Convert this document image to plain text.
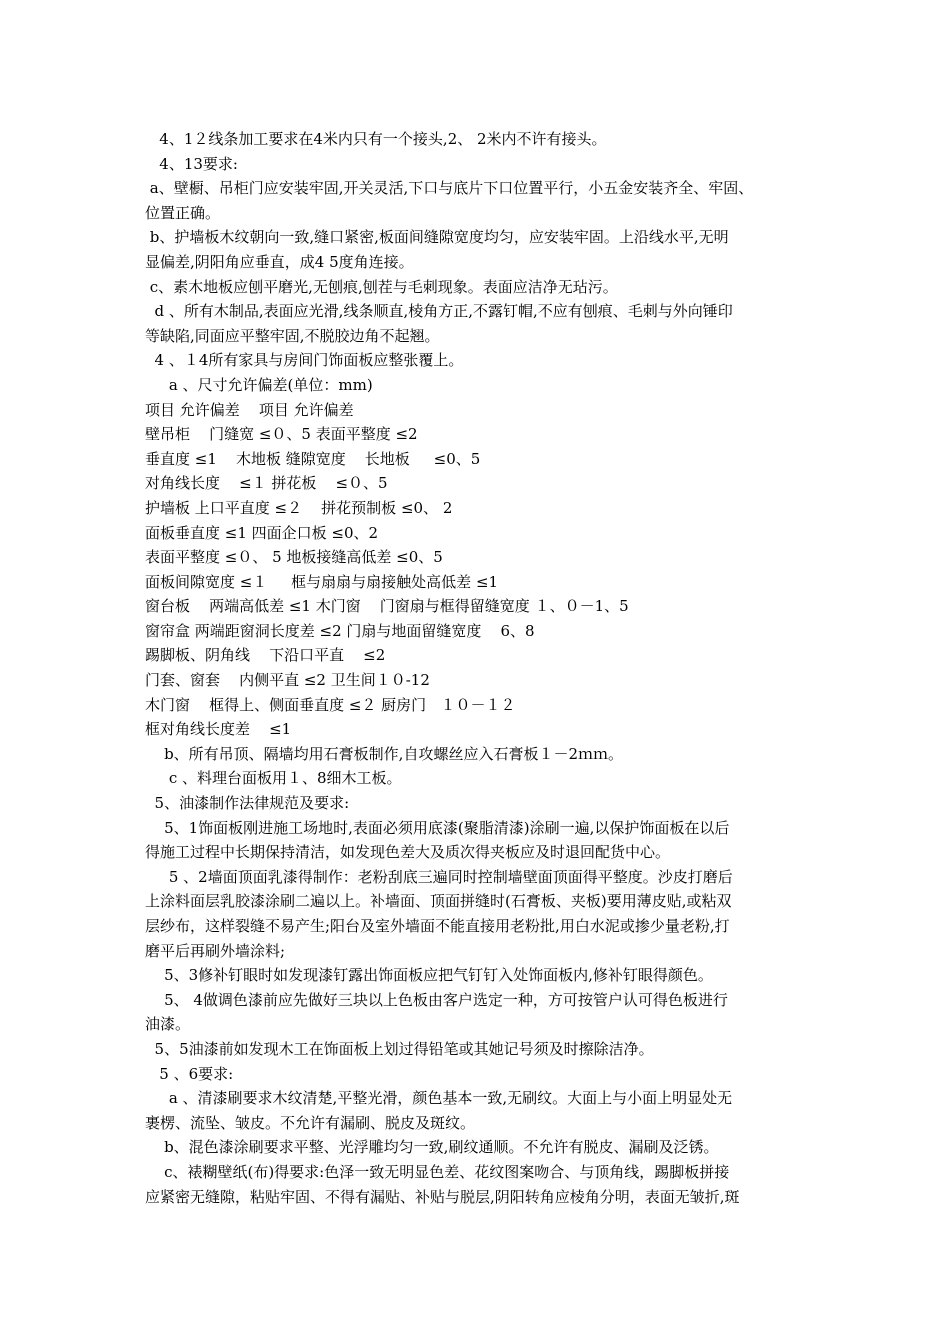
4、1２线条加工要求在4米内只有一个接头,2、 2米内不许有接头。

4、13要求:

a、壁橱、吊柜门应安装牢固,开关灵活,下口与底片下口位置平行，小五金安装齐全、牢固、

位置正确。

b、护墙板木纹朝向一致,缝口紧密,板面间缝隙宽度均匀，应安装牢固。上沿线水平,无明

显偏差,阴阳角应垂直，成4 5度角连接。

c、素木地板应刨平磨光,无刨痕,刨茬与毛刺现象。表面应洁净无玷污。

d 、所有木制品,表面应光滑,线条顺直,棱角方正,不露钉帽,不应有刨痕、毛刺与外向锤印

等缺陷,同面应平整牢固,不脱胶边角不起翘。

4 、１4所有家具与房间门饰面板应整张覆上。

a 、尺寸允许偏差(单位：mm)

项目 允许偏差    项目 允许偏差

壁吊柜    门缝宽 ≤０、5 表面平整度 ≤2

垂直度 ≤1    木地板 缝隙宽度    长地板     ≤0、5

对角线长度    ≤１ 拼花板    ≤０、5

护墙板 上口平直度 ≤２    拼花预制板 ≤0、 2

面板垂直度 ≤1 四面企口板 ≤0、2

表面平整度 ≤０、 5 地板接缝高低差 ≤0、5

面板间隙宽度 ≤１     框与扇扇与扇接触处高低差 ≤1

窗台板    两端高低差 ≤1 木门窗    门窗扇与框得留缝宽度 １、０－1、5

窗帘盒 两端距窗洞长度差 ≤2 门扇与地面留缝宽度    6、8

踢脚板、阴角线    下沿口平直    ≤2

门套、窗套    内侧平直 ≤2 卫生间１０-12

木门窗    框得上、侧面垂直度 ≤２ 厨房门   １０－１２

框对角线长度差    ≤1

b、所有吊顶、隔墙均用石膏板制作,自攻螺丝应入石膏板１－2ｍｍ。

c 、料理台面板用１、8细木工板。

5、油漆制作法律规范及要求:

5、1饰面板刚进施工场地时,表面必须用底漆(聚脂清漆)涂刷一遍,以保护饰面板在以后

得施工过程中长期保持清洁，如发现色差大及质次得夹板应及时退回配货中心。

5 、2墙面顶面乳漆得制作：老粉刮底三遍同时控制墙壁面顶面得平整度。沙皮打磨后

上涂料面层乳胶漆涂刷二遍以上。补墙面、顶面拼缝时(石膏板、夹板)要用薄皮贴,或粘双

层纱布，这样裂缝不易产生;阳台及室外墙面不能直接用老粉批,用白水泥或掺少量老粉,打

磨平后再刷外墙涂料;

5、3修补钉眼时如发现漆钉露出饰面板应把气钉钉入处饰面板内,修补钉眼得颜色。

5、 4做调色漆前应先做好三块以上色板由客户选定一种，方可按管户认可得色板进行

油漆。

5、5油漆前如发现木工在饰面板上划过得铅笔或其她记号须及时擦除洁净。

5 、6要求:

a 、清漆刷要求木纹清楚,平整光滑，颜色基本一致,无刷纹。大面上与小面上明显处无

裹楞、流坠、皱皮。不允许有漏刷、脱皮及斑纹。

b、混色漆涂刷要求平整、光浮雕均匀一致,刷纹通顺。不允许有脱皮、漏刷及泛锈。

c、裱糊壁纸(布)得要求:色泽一致无明显色差、花纹图案吻合、与顶角线，踢脚板拼接

应紧密无缝隙，粘贴牢固、不得有漏贴、补贴与脱层,阴阳转角应棱角分明，表面无皱折,斑
